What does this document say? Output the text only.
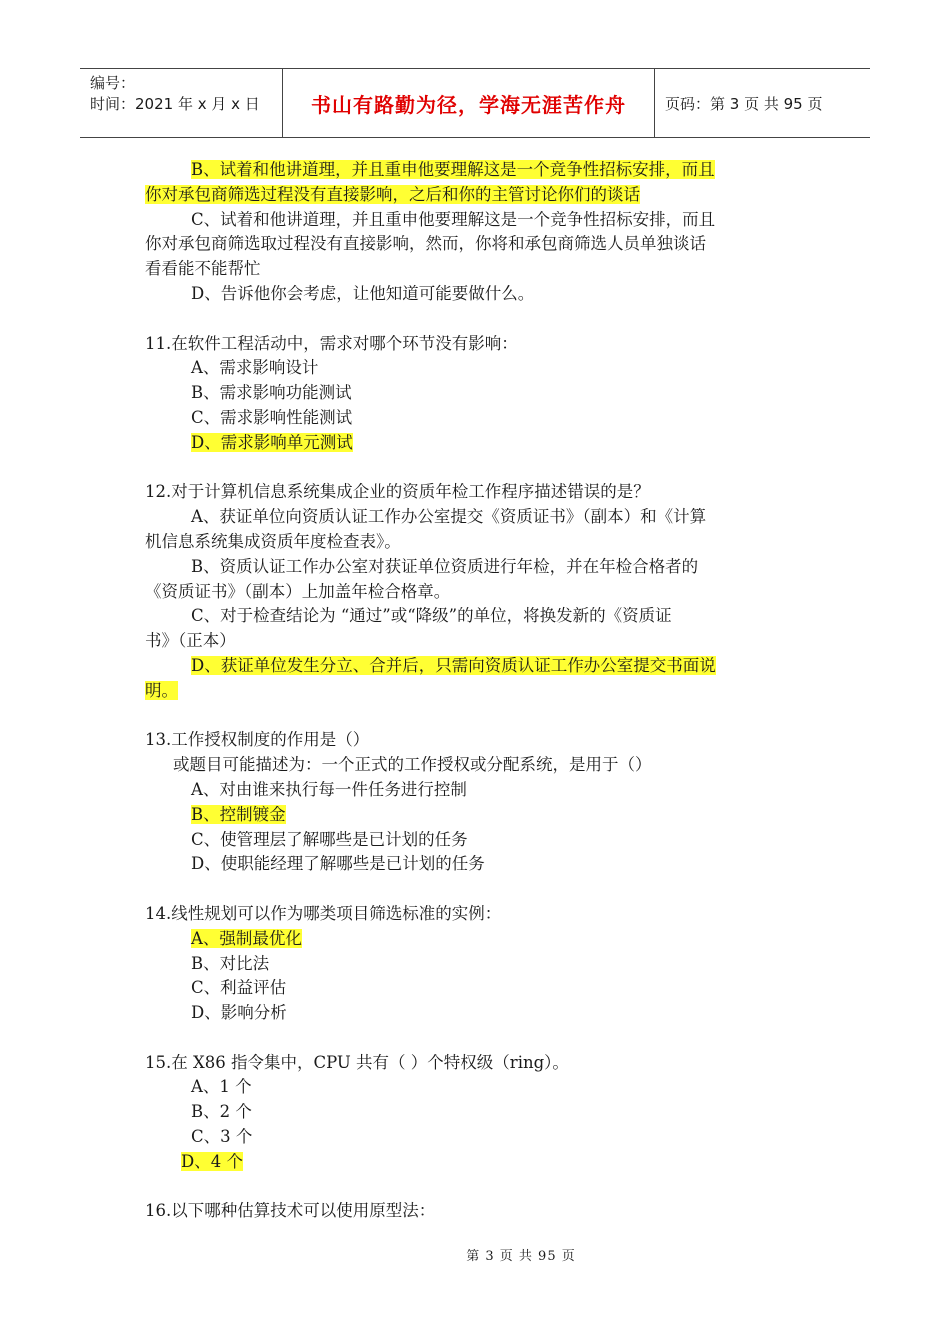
编号：
时间：2021 年 x 月 x 日	书山有路勤为径，学海无涯苦作舟	页码：第 3 页 共 95 页
B、试着和他讲道理，并且重申他要理解这是一个竞争性招标安排，而且
你对承包商筛选过程没有直接影响，之后和你的主管讨论你们的谈话
C、试着和他讲道理，并且重申他要理解这是一个竞争性招标安排，而且
你对承包商筛选取过程没有直接影响，然而，你将和承包商筛选人员单独谈话
看看能不能帮忙
D、告诉他你会考虑，让他知道可能要做什么。
11.在软件工程活动中，需求对哪个环节没有影响：
A、需求影响设计
B、需求影响功能测试
C、需求影响性能测试
D、需求影响单元测试
12.对于计算机信息系统集成企业的资质年检工作程序描述错误的是？
A、获证单位向资质认证工作办公室提交《资质证书》（副本）和《计算
机信息系统集成资质年度检查表》。
B、资质认证工作办公室对获证单位资质进行年检，并在年检合格者的
《资质证书》（副本）上加盖年检合格章。
C、对于检查结论为 “通过”或“降级”的单位，将换发新的《资质证
书》（正本）
D、获证单位发生分立、合并后，只需向资质认证工作办公室提交书面说
明。
13.工作授权制度的作用是（）
或题目可能描述为：一个正式的工作授权或分配系统，是用于（）
A、对由谁来执行每一件任务进行控制
B、控制镀金
C、使管理层了解哪些是已计划的任务
D、使职能经理了解哪些是已计划的任务
14.线性规划可以作为哪类项目筛选标准的实例：
A、强制最优化
B、对比法
C、利益评估
D、影响分析
15.在 X86 指令集中，CPU 共有（ ）个特权级（ring）。
A、1 个
B、2 个
C、3 个
D、4 个
16.以下哪种估算技术可以使用原型法：
第 3 页 共 95 页
